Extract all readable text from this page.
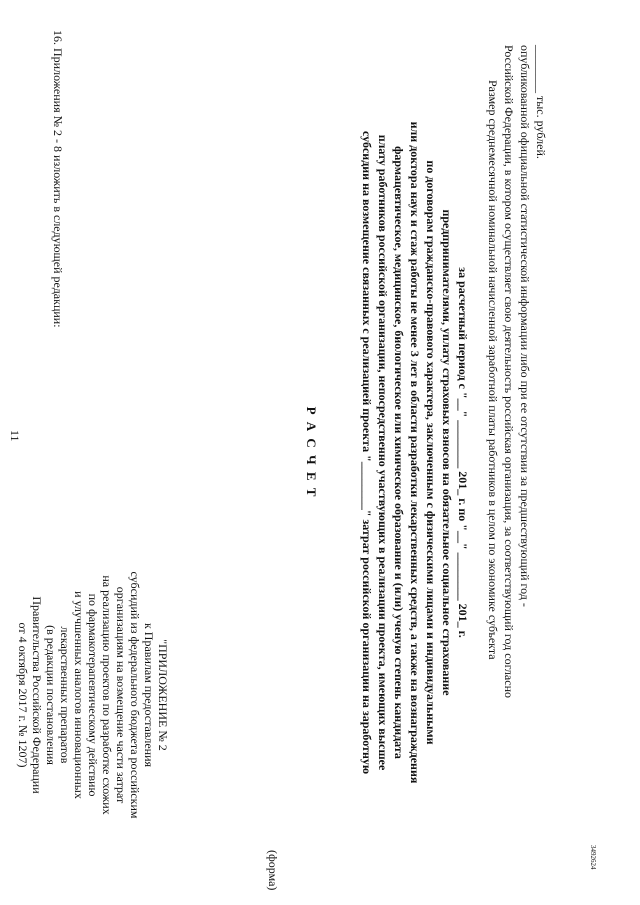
11
16. Приложения № 2 - 8 изложить в следующей редакции:
"ПРИЛОЖЕНИЕ № 2
к Правилам предоставления
субсидий из федерального бюджета российским
организациям на возмещение части затрат
на реализацию проектов по разработке схожих
по фармакотерапевтическому действию
и улучшенных аналогов инновационных
лекарственных препаратов
(в редакции постановления
Правительства Российской Федерации
от 4 октября 2017 г. № 1207)
(форма)
Р А С Ч Е Т	субсидии на возмещение связанных с реализацией проекта "________" затрат российской организации на заработную плату работников российской организации, непосредственно участвующих в реализации проекта, имеющих высшее фармацевтическое, медицинское, биологическое или химическое образование и (или) ученую степень кандидата или доктора наук и стаж работы не менее 3 лет в области разработки лекарственных средств, а также на вознаграждения по договорам гражданско-правового характера, заключенным с физическими лицами и индивидуальными предпринимателями, уплату страховых взносов на обязательное социальное страхование за расчетный период с "__" ________ 201_ г. по "__" ________ 201_ г. Размер среднемесячной номинальной начисленной заработной платы работников в целом по экономике субъекта Российской Федерации, в котором осуществляет свою деятельность российская организация, за соответствующий год согласно опубликованной официальной статистической информации либо при ее отсутствии за предшествующий год - ________ тыс. рублей.
3492624
